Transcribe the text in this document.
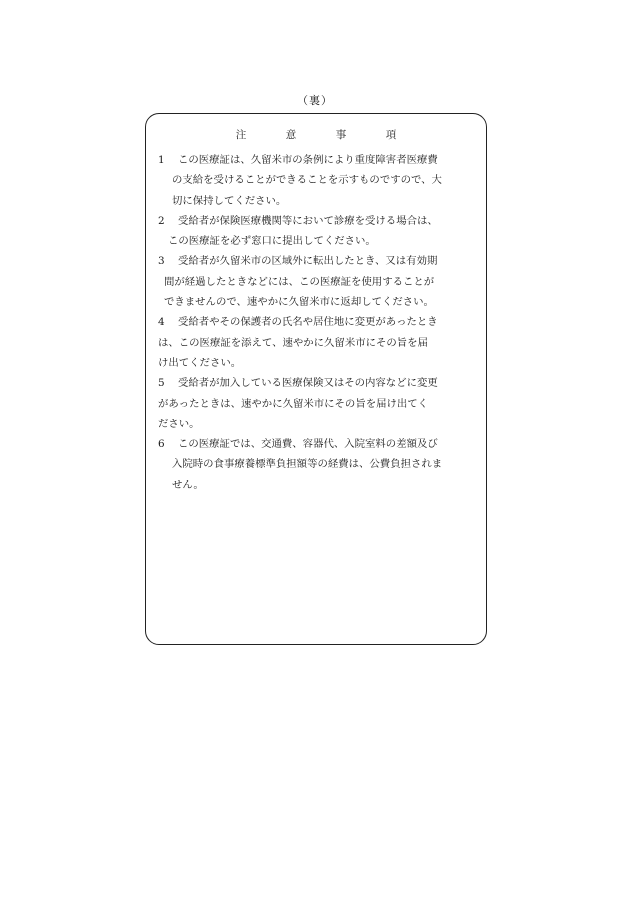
（裏）
注	意	事	項
1	この医療証は、久留米市の条例により重度障害者医療費
の支給を受けることができることを示すものですので、大
切に保持してください。
2	受給者が保険医療機関等において診療を受ける場合は、
この医療証を必ず窓口に提出してください。
3	受給者が久留米市の区域外に転出したとき、又は有効期
間が経過したときなどには、この医療証を使用することが
できませんので、速やかに久留米市に返却してください。
4	受給者やその保護者の氏名や居住地に変更があったとき
は、この医療証を添えて、速やかに久留米市にその旨を届
け出てください。
5	受給者が加入している医療保険又はその内容などに変更
があったときは、速やかに久留米市にその旨を届け出てく
ださい。
6	この医療証では、交通費、容器代、入院室料の差額及び
入院時の食事療養標準負担額等の経費は、公費負担されま
せん。
